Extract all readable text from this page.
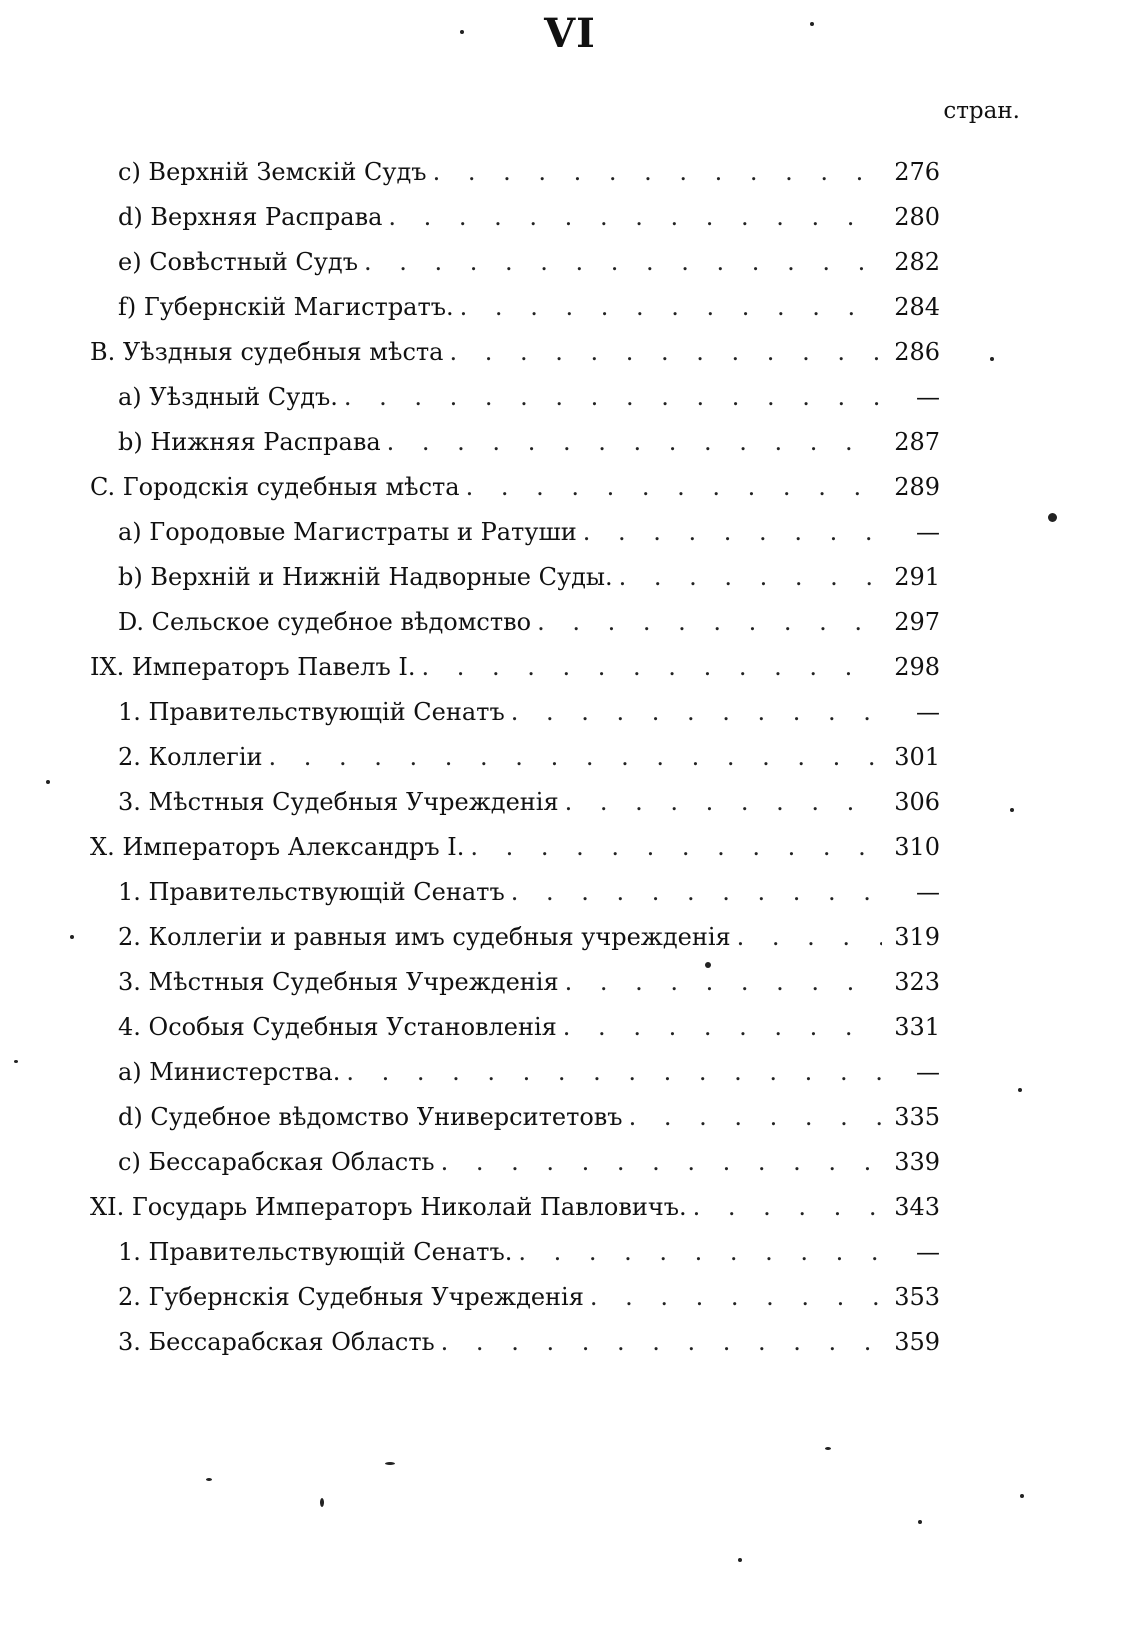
VI
стран.
c) Верхній Земскій Судъ . . .	276
d) Верхняя Расправа . . .	280
e) Совѣстный Судъ . . .	282
f) Губернскій Магистратъ. . . .	284
B. Уѣздныя судебныя мѣста . . .	286
a) Уѣздный Судъ. . . .	—
b) Нижняя Расправа . . .	287
C. Городскія судебныя мѣста . . .	289
a) Городовые Магистраты и Ратуши . . .	—
b) Верхній и Нижній Надворные Суды. . . .	291
D. Сельское судебное вѣдомство . . .	297
IX. Императоръ Павелъ I. . . .	298
1. Правительствующій Сенатъ . . .	—
2. Коллегіи . . .	301
3. Мѣстныя Судебныя Учрежденія . . .	306
X. Императоръ Александръ I. . . .	310
1. Правительствующій Сенатъ . . .	—
2. Коллегіи и равныя имъ судебныя учрежденія . . .	319
3. Мѣстныя Судебныя Учрежденія . . .	323
4. Особыя Судебныя Установленія . . .	331
a) Министерства. . . .	—
d) Судебное вѣдомство Университетовъ . . .	335
c) Бессарабская Область . . .	339
XI. Государь Императоръ Николай Павловичъ. . . .	343
1. Правительствующій Сенатъ. . . .	—
2. Губернскія Судебныя Учрежденія . . .	353
3. Бессарабская Область . . .	359
